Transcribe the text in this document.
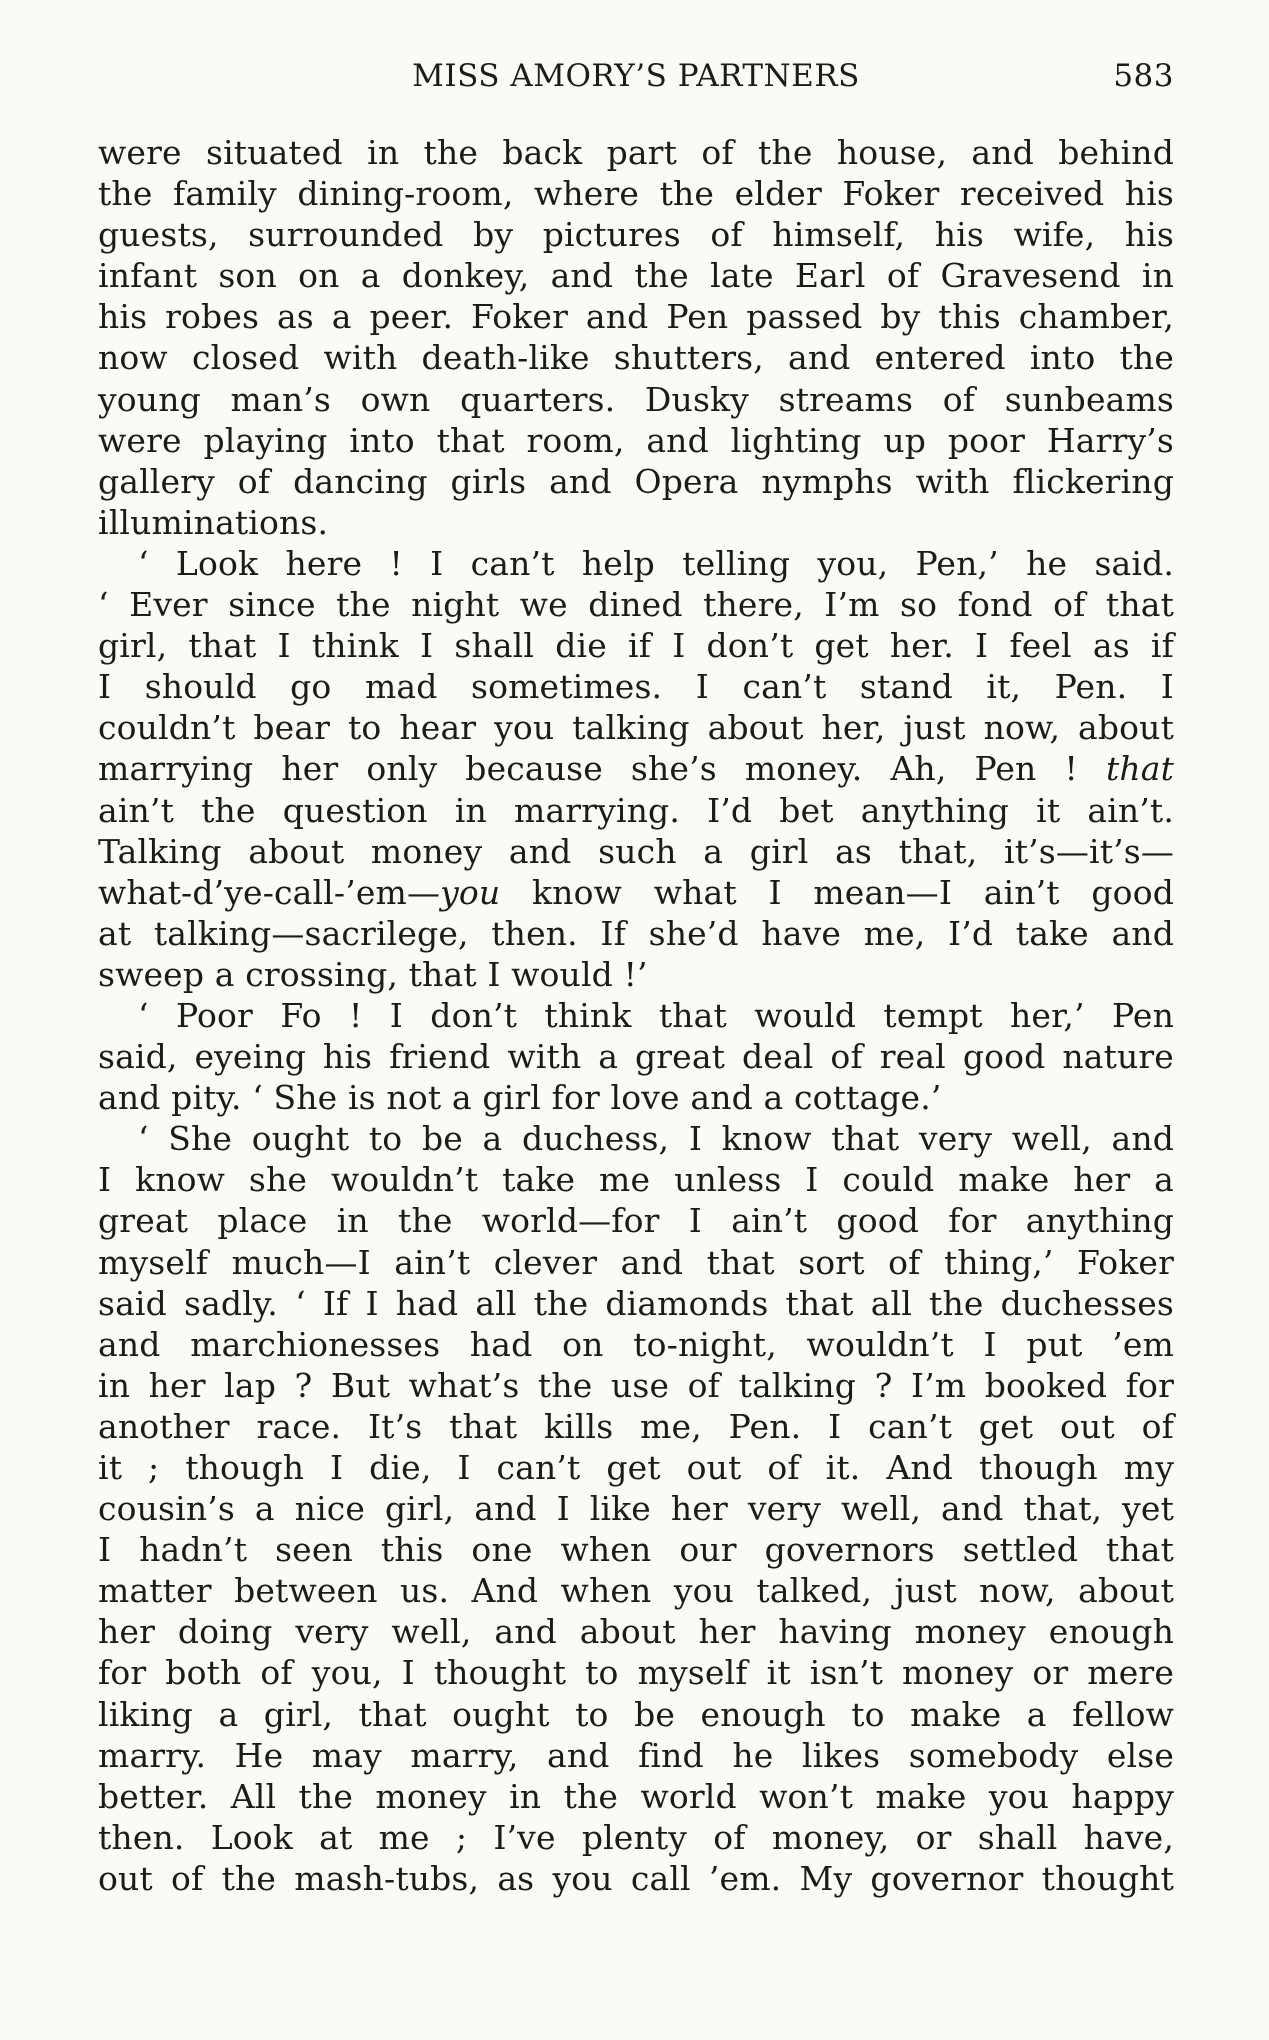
MISS AMORY’S PARTNERS	583
were situated in the back part of the house, and behind
the family dining-room, where the elder Foker received his
guests, surrounded by pictures of himself, his wife, his
infant son on a donkey, and the late Earl of Gravesend in
his robes as a peer. Foker and Pen passed by this chamber,
now closed with death-like shutters, and entered into the
young man’s own quarters. Dusky streams of sunbeams
were playing into that room, and lighting up poor Harry’s
gallery of dancing girls and Opera nymphs with flickering
illuminations.
‘ Look here ! I can’t help telling you, Pen,’ he said.
‘ Ever since the night we dined there, I’m so fond of that
girl, that I think I shall die if I don’t get her. I feel as if
I should go mad sometimes. I can’t stand it, Pen. I
couldn’t bear to hear you talking about her, just now, about
marrying her only because she’s money. Ah, Pen ! that
ain’t the question in marrying. I’d bet anything it ain’t.
Talking about money and such a girl as that, it’s—it’s—
what-d’ye-call-’em—you know what I mean—I ain’t good
at talking—sacrilege, then. If she’d have me, I’d take and
sweep a crossing, that I would !’
‘ Poor Fo ! I don’t think that would tempt her,’ Pen
said, eyeing his friend with a great deal of real good nature
and pity. ‘ She is not a girl for love and a cottage.’
‘ She ought to be a duchess, I know that very well, and
I know she wouldn’t take me unless I could make her a
great place in the world—for I ain’t good for anything
myself much—I ain’t clever and that sort of thing,’ Foker
said sadly. ‘ If I had all the diamonds that all the duchesses
and marchionesses had on to-night, wouldn’t I put ’em
in her lap ? But what’s the use of talking ? I’m booked for
another race. It’s that kills me, Pen. I can’t get out of
it ; though I die, I can’t get out of it. And though my
cousin’s a nice girl, and I like her very well, and that, yet
I hadn’t seen this one when our governors settled that
matter between us. And when you talked, just now, about
her doing very well, and about her having money enough
for both of you, I thought to myself it isn’t money or mere
liking a girl, that ought to be enough to make a fellow
marry. He may marry, and find he likes somebody else
better. All the money in the world won’t make you happy
then. Look at me ; I’ve plenty of money, or shall have,
out of the mash-tubs, as you call ’em. My governor thought
